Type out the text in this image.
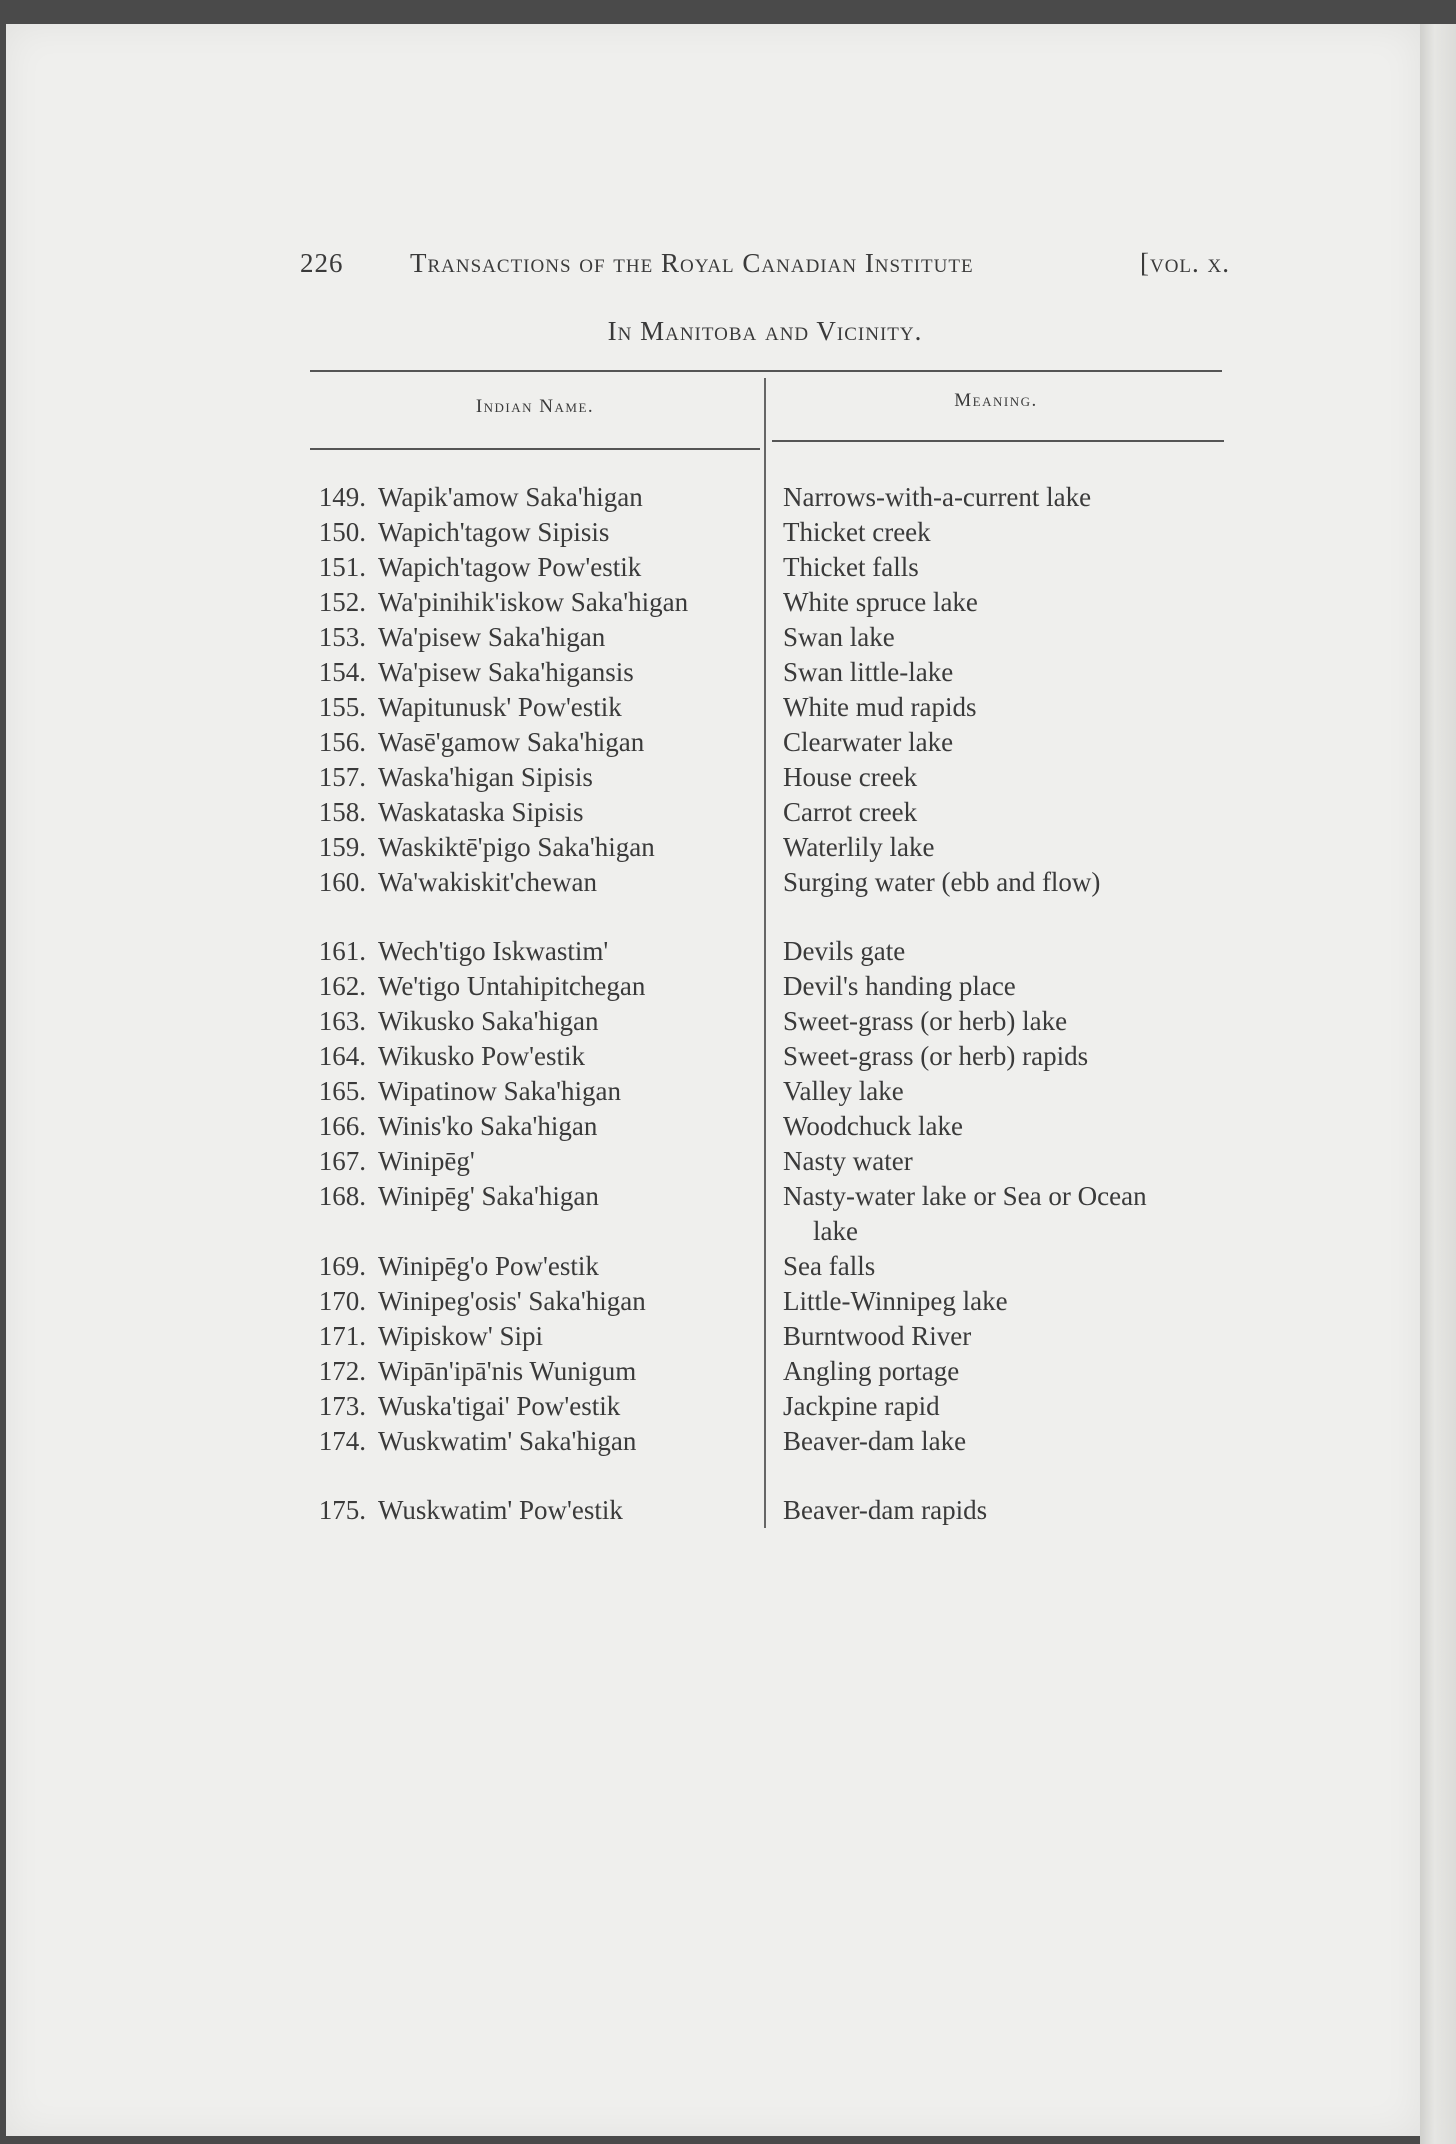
226 Transactions of the Royal Canadian Institute	[vol. x.
In Manitoba and Vicinity.
Indian Name.	Meaning.
149. Wapik'amow Saka'higan	Narrows-with-a-current lake
150. Wapich'tagow Sipisis	Thicket creek
151. Wapich'tagow Pow'estik	Thicket falls
152. Wa'pinihik'iskow Saka'higan	White spruce lake
153. Wa'pisew Saka'higan	Swan lake
154. Wa'pisew Saka'higansis	Swan little-lake
155. Wapitunusk' Pow'estik	White mud rapids
156. Wasē'gamow Saka'higan	Clearwater lake
157. Waska'higan Sipisis	House creek
158. Waskataska Sipisis	Carrot creek
159. Waskiktē'pigo Saka'higan	Waterlily lake
160. Wa'wakiskit'chewan	Surging water (ebb and flow)
161. Wech'tigo Iskwastim'	Devils gate
162. We'tigo Untahipitchegan	Devil's handing place
163. Wikusko Saka'higan	Sweet-grass (or herb) lake
164. Wikusko Pow'estik	Sweet-grass (or herb) rapids
165. Wipatinow Saka'higan	Valley lake
166. Winis'ko Saka'higan	Woodchuck lake
167. Winipēg'	Nasty water
168. Winipēg' Saka'higan	Nasty-water lake or Sea or Ocean
lake
169. Winipēg'o Pow'estik	Sea falls
170. Winipeg'osis' Saka'higan	Little-Winnipeg lake
171. Wipiskow' Sipi	Burntwood River
172. Wipān'ipā'nis Wunigum	Angling portage
173. Wuska'tigai' Pow'estik	Jackpine rapid
174. Wuskwatim' Saka'higan	Beaver-dam lake
175. Wuskwatim' Pow'estik	Beaver-dam rapids
